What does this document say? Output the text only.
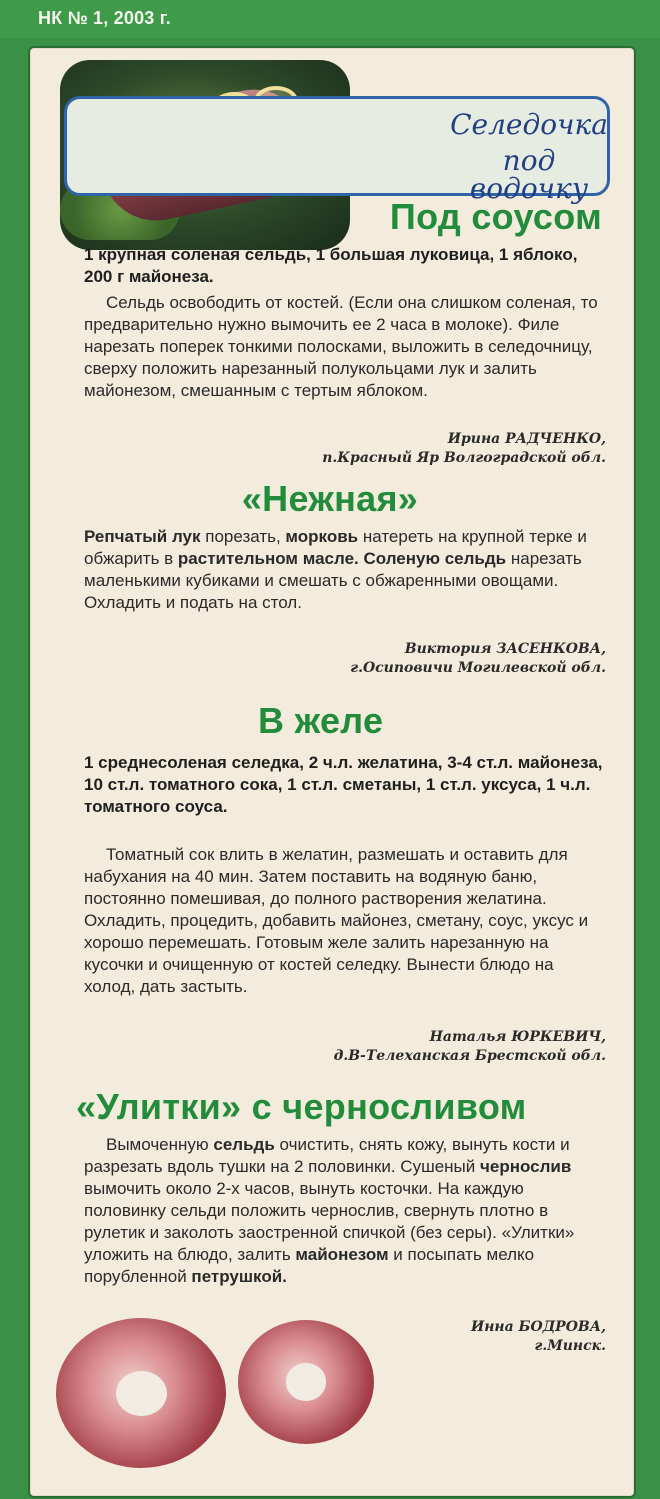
НК № 1, 2003 г.
Селедочка
под водочку
Под соусом
1 крупная соленая сельдь, 1 большая луковица, 1 яблоко, 200 г майонеза.
Сельдь освободить от костей. (Если она слишком соленая, то предварительно нужно вымочить ее 2 часа в молоке). Филе нарезать поперек тонкими полосками, выложить в селедочницу, сверху положить нарезанный полукольцами лук и залить майонезом, смешанным с тертым яблоком.
Ирина РАДЧЕНКО,
п.Красный Яр Волгоградской обл.
«Нежная»
Репчатый лук порезать, морковь натереть на крупной терке и обжарить в растительном масле. Соленую сельдь нарезать маленькими кубиками и смешать с обжаренными овощами. Охладить и подать на стол.
Виктория ЗАСЕНКОВА,
г.Осиповичи Могилевской обл.
В желе
1 среднесоленая селедка, 2 ч.л. желатина, 3-4 ст.л. майонеза, 10 ст.л. томатного сока, 1 ст.л. сметаны, 1 ст.л. уксуса, 1 ч.л. томатного соуса.
Томатный сок влить в желатин, размешать и оставить для набухания на 40 мин. Затем поставить на водяную баню, постоянно помешивая, до полного растворения желатина. Охладить, процедить, добавить майонез, сметану, соус, уксус и хорошо перемешать. Готовым желе залить нарезанную на кусочки и очищенную от костей селедку. Вынести блюдо на холод, дать застыть.
Наталья ЮРКЕВИЧ,
д.В-Телеханская Брестской обл.
«Улитки» с черносливом
Вымоченную сельдь очистить, снять кожу, вынуть кости и разрезать вдоль тушки на 2 половинки. Сушеный чернослив вымочить около 2-х часов, вынуть косточки. На каждую половинку сельди положить чернослив, свернуть плотно в рулетик и заколоть заостренной спичкой (без серы). «Улитки» уложить на блюдо, залить майонезом и посыпать мелко порубленной петрушкой.
Инна БОДРОВА,
г.Минск.
